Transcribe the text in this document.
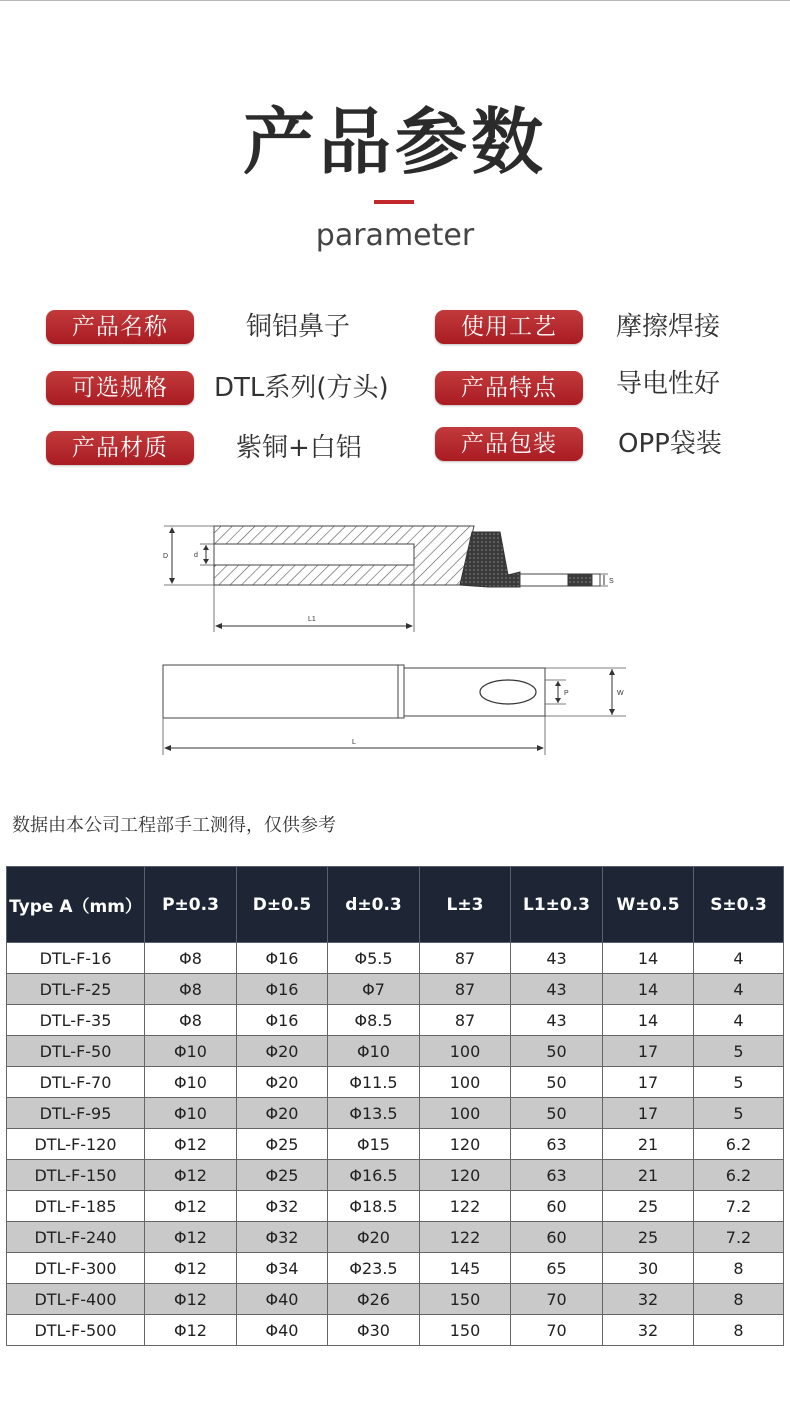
产品参数
parameter
产品名称	铜铝鼻子	使用工艺	摩擦焊接
可选规格	DTL系列(方头)	产品特点	导电性好
产品材质	紫铜+白铝	产品包装	OPP袋装
D	d
L1
S
P	W
L
数据由本公司工程部手工测得，仅供参考
Type A（mm）	P±0.3	D±0.5	d±0.3	L±3	L1±0.3	W±0.5	S±0.3
DTL-F-16	Φ8	Φ16	Φ5.5	87	43	14	4
DTL-F-25	Φ8	Φ16	Φ7	87	43	14	4
DTL-F-35	Φ8	Φ16	Φ8.5	87	43	14	4
DTL-F-50	Φ10	Φ20	Φ10	100	50	17	5
DTL-F-70	Φ10	Φ20	Φ11.5	100	50	17	5
DTL-F-95	Φ10	Φ20	Φ13.5	100	50	17	5
DTL-F-120	Φ12	Φ25	Φ15	120	63	21	6.2
DTL-F-150	Φ12	Φ25	Φ16.5	120	63	21	6.2
DTL-F-185	Φ12	Φ32	Φ18.5	122	60	25	7.2
DTL-F-240	Φ12	Φ32	Φ20	122	60	25	7.2
DTL-F-300	Φ12	Φ34	Φ23.5	145	65	30	8
DTL-F-400	Φ12	Φ40	Φ26	150	70	32	8
DTL-F-500	Φ12	Φ40	Φ30	150	70	32	8
